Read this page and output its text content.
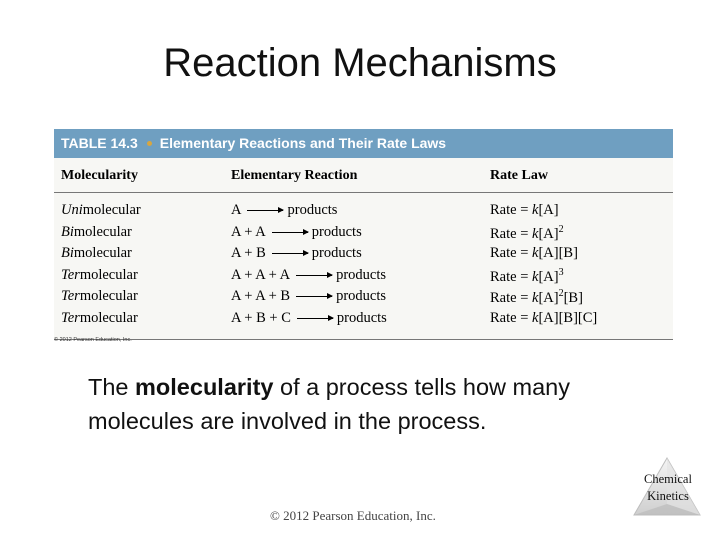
Reaction Mechanisms
TABLE 14.3 Elementary Reactions and Their Rate Laws
Molecularity	Elementary Reaction	Rate Law
Unimolecular	A	products	Rate = k[A]
Bimolecular	A + A	products	Rate = $k[A]^2$
Bimolecular	A + B	products	Rate = k[A][B]
Termolecular	A + A + A	products	Rate = $k[A]^3$
Termolecular	A + A + B	products	Rate = $k[A]^2[B]$
Termolecular	A + B + C	products	Rate = k[A][B][C]
© 2012 Pearson Education, Inc.
The molecularity of a process tells how many molecules are involved in the process.
© 2012 Pearson Education, Inc.
Chemical
Kinetics
